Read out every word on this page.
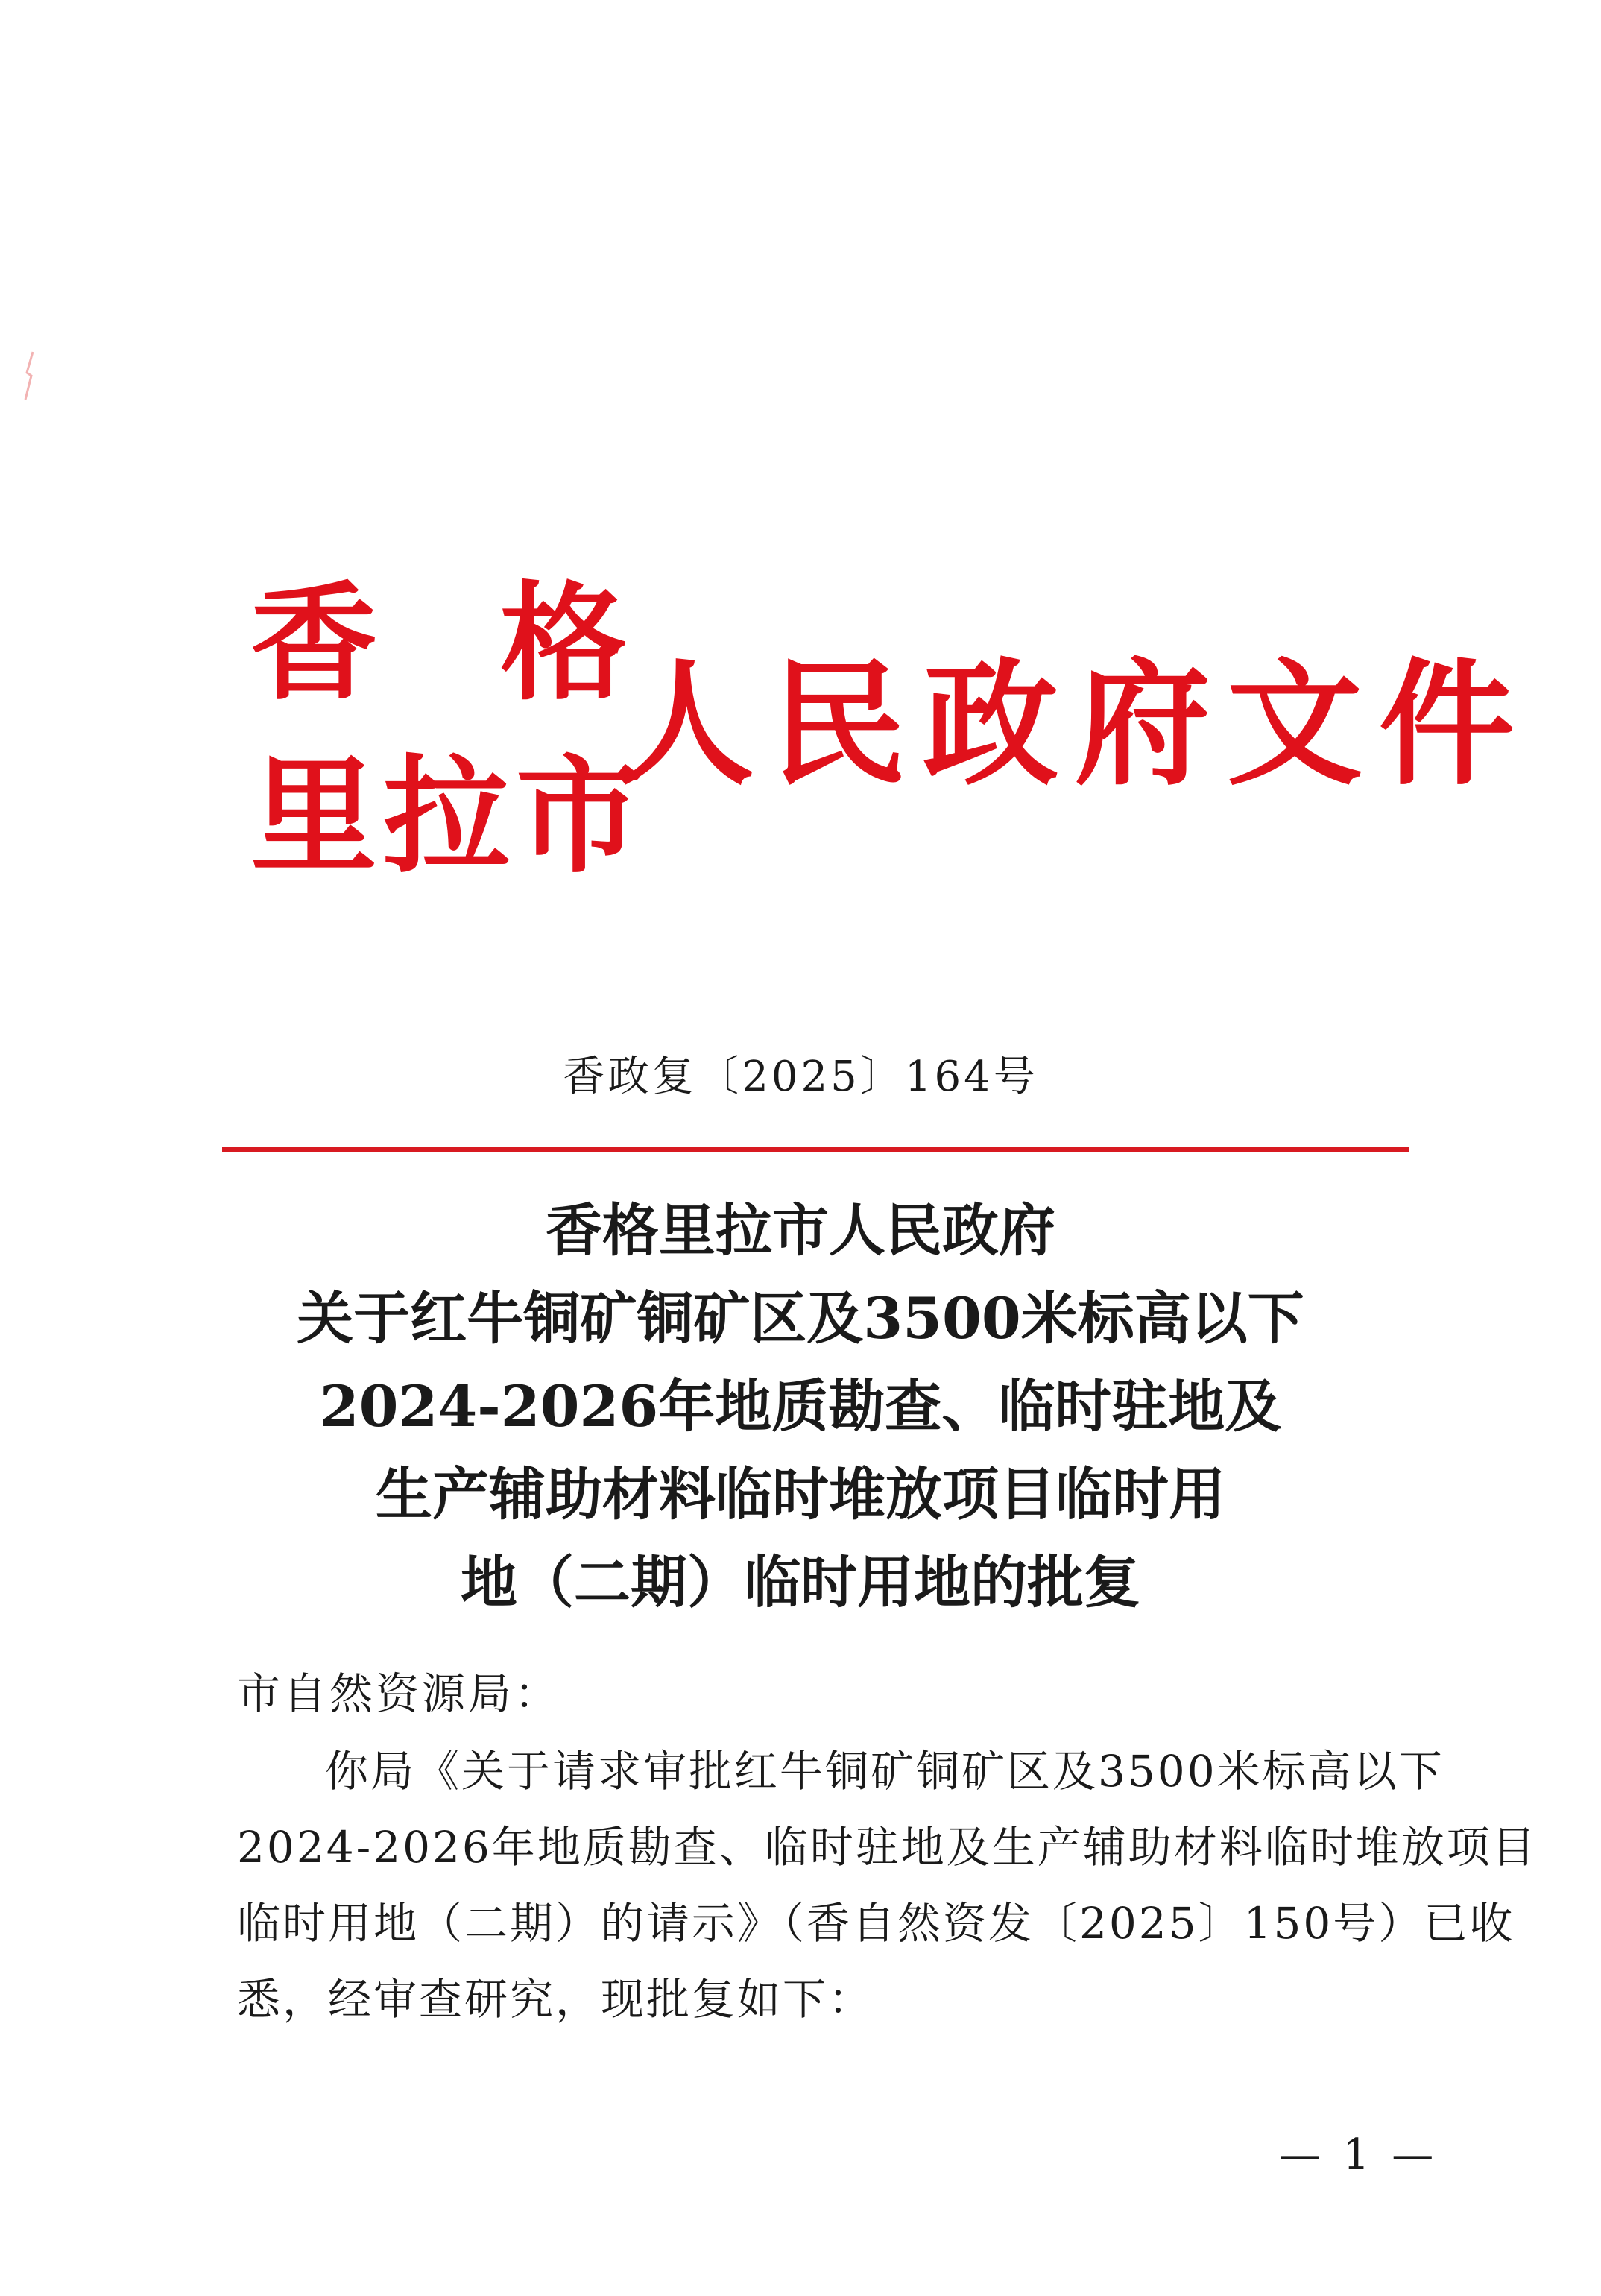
香 格
里拉市
人民政府文件
香政复〔2025〕164号
香格里拉市人民政府
关于红牛铜矿铜矿区及3500米标高以下
2024-2026年地质勘查、临时驻地及
生产辅助材料临时堆放项目临时用
地（二期）临时用地的批复
市自然资源局：
你局《关于请求审批红牛铜矿铜矿区及3500米标高以下
2024-2026年地质勘查、临时驻地及生产辅助材料临时堆放项目
临时用地（二期）的请示》（香自然资发〔2025〕150号）已收
悉，经审查研究，现批复如下：
— 1 —
